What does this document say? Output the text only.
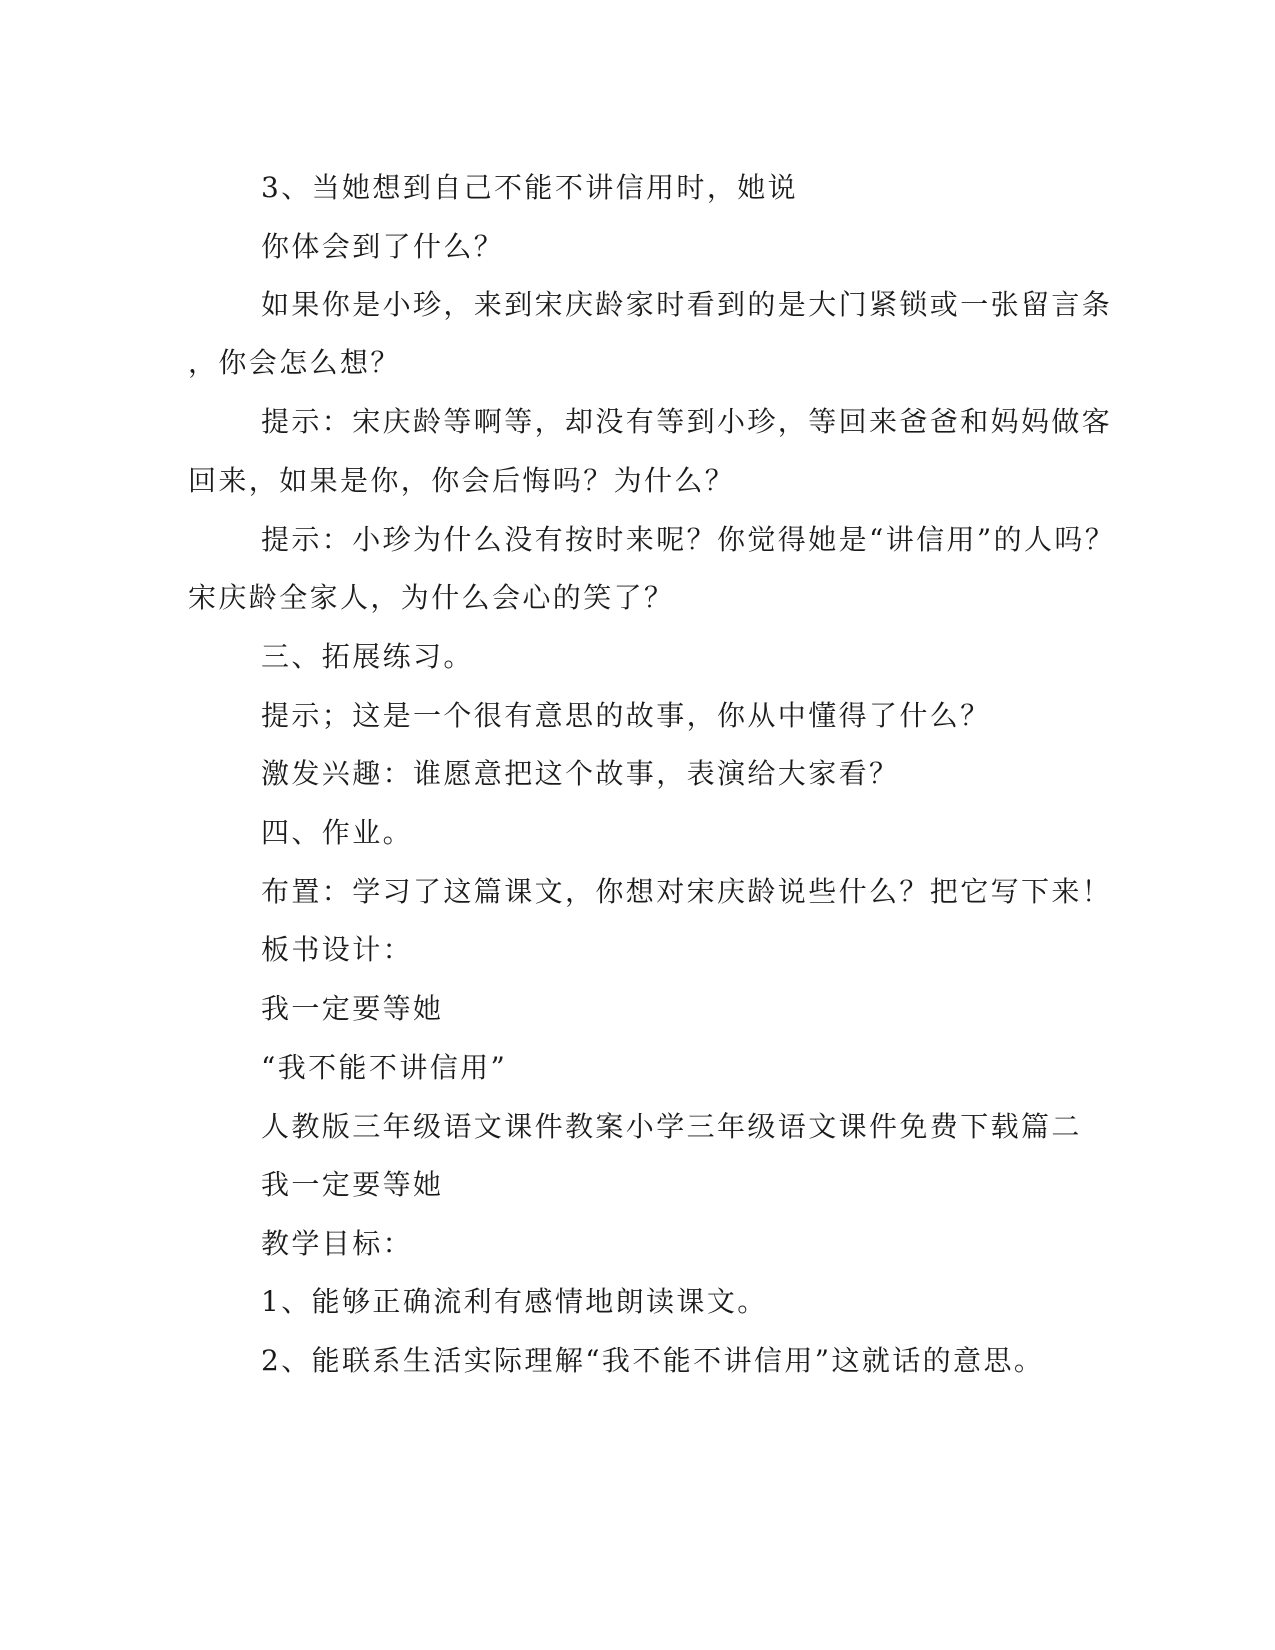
3、当她想到自己不能不讲信用时，她说
你体会到了什么？
如果你是小珍，来到宋庆龄家时看到的是大门紧锁或一张留言条
，你会怎么想？
提示：宋庆龄等啊等，却没有等到小珍，等回来爸爸和妈妈做客
回来，如果是你，你会后悔吗？为什么？
提示：小珍为什么没有按时来呢？你觉得她是“讲信用”的人吗？
宋庆龄全家人，为什么会心的笑了？
三、拓展练习。
提示；这是一个很有意思的故事，你从中懂得了什么？
激发兴趣：谁愿意把这个故事，表演给大家看？
四、作业。
布置：学习了这篇课文，你想对宋庆龄说些什么？把它写下来！
板书设计：
我一定要等她
“我不能不讲信用”
人教版三年级语文课件教案小学三年级语文课件免费下载篇二
我一定要等她
教学目标：
1、能够正确流利有感情地朗读课文。
2、能联系生活实际理解“我不能不讲信用”这就话的意思。
